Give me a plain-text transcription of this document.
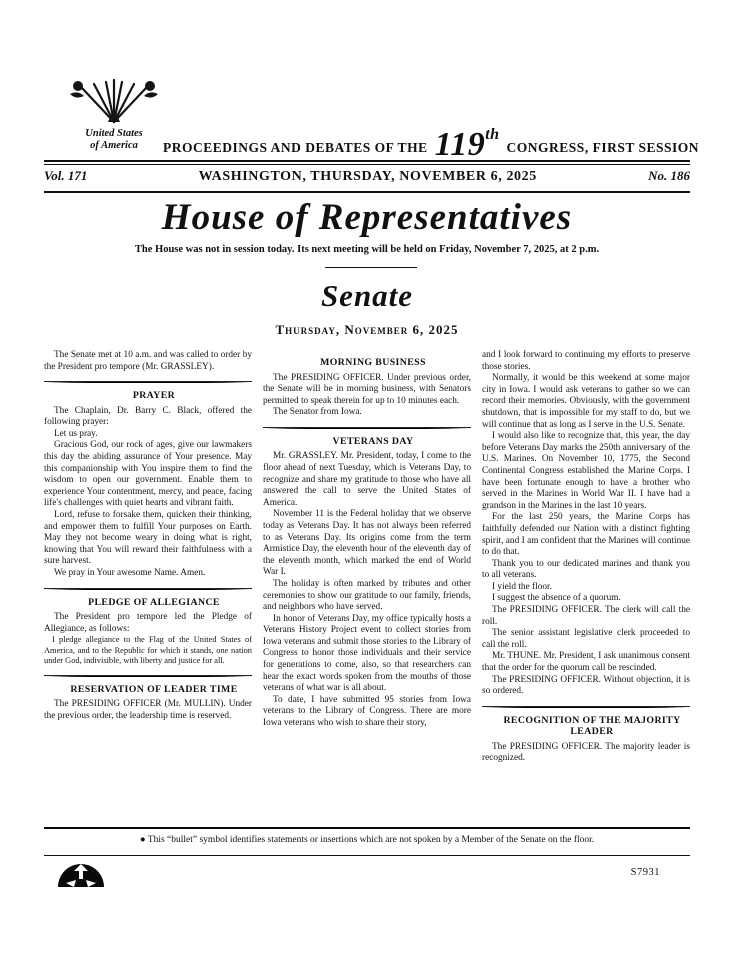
United States
of America	PROCEEDINGS AND DEBATES OF THE 119th
CONGRESS, FIRST SESSION
Vol. 171	WASHINGTON, THURSDAY, NOVEMBER 6, 2025	No. 186
House of Representatives
The House was not in session today. Its next meeting will be held on Friday, November 7, 2025, at 2 p.m.
Senate
Thursday, November 6, 2025
The Senate met at 10 a.m. and was called to order by the President pro tempore (Mr. GRASSLEY).
PRAYER
The Chaplain, Dr. Barry C. Black, offered the following prayer:
Let us pray.
Gracious God, our rock of ages, give our lawmakers this day the abiding assurance of Your presence. May this companionship with You inspire them to find the wisdom to open our government. Enable them to experience Your contentment, mercy, and peace, facing life's challenges with quiet hearts and vibrant faith.
Lord, refuse to forsake them, quicken their thinking, and empower them to fulfill Your purposes on Earth. May they not become weary in doing what is right, knowing that You will reward their faithfulness with a sure harvest.
We pray in Your awesome Name. Amen.
PLEDGE OF ALLEGIANCE
The President pro tempore led the Pledge of Allegiance, as follows:
I pledge allegiance to the Flag of the United States of America, and to the Republic for which it stands, one nation under God, indivisible, with liberty and justice for all.
RESERVATION OF LEADER TIME
The PRESIDING OFFICER (Mr. MULLIN). Under the previous order, the leadership time is reserved.
MORNING BUSINESS
The PRESIDING OFFICER. Under previous order, the Senate will be in morning business, with Senators permitted to speak therein for up to 10 minutes each.
The Senator from Iowa.
VETERANS DAY
Mr. GRASSLEY. Mr. President, today, I come to the floor ahead of next Tuesday, which is Veterans Day, to recognize and share my gratitude to those who have all answered the call to serve the United States of America.
November 11 is the Federal holiday that we observe today as Veterans Day. It has not always been referred to as Veterans Day. Its origins come from the term Armistice Day, the eleventh hour of the eleventh day of the eleventh month, which marked the end of World War I.
The holiday is often marked by tributes and other ceremonies to show our gratitude to our family, friends, and neighbors who have served.
In honor of Veterans Day, my office typically hosts a Veterans History Project event to collect stories from Iowa veterans and submit those stories to the Library of Congress to honor those individuals and their service for generations to come, also, so that researchers can hear the exact words spoken from the mouths of those veterans of what war is all about.
To date, I have submitted 95 stories from Iowa veterans to the Library of Congress. There are more Iowa veterans who wish to share their story,
and I look forward to continuing my efforts to preserve those stories.
Normally, it would be this weekend at some major city in Iowa. I would ask veterans to gather so we can record their memories. Obviously, with the government shutdown, that is impossible for my staff to do, but we will continue that as long as I serve in the U.S. Senate.
I would also like to recognize that, this year, the day before Veterans Day marks the 250th anniversary of the U.S. Marines. On November 10, 1775, the Second Continental Congress established the Marine Corps. I have been fortunate enough to have a brother who served in the Marines in World War II. I have had a grandson in the Marines in the last 10 years.
For the last 250 years, the Marine Corps has faithfully defended our Nation with a distinct fighting spirit, and I am confident that the Marines will continue to do that.
Thank you to our dedicated marines and thank you to all veterans.
I yield the floor.
I suggest the absence of a quorum.
The PRESIDING OFFICER. The clerk will call the roll.
The senior assistant legislative clerk proceeded to call the roll.
Mr. THUNE. Mr. President, I ask unanimous consent that the order for the quorum call be rescinded.
The PRESIDING OFFICER. Without objection, it is so ordered.
RECOGNITION OF THE MAJORITY LEADER
The PRESIDING OFFICER. The majority leader is recognized.
● This “bullet” symbol identifies statements or insertions which are not spoken by a Member of the Senate on the floor.
S7931
